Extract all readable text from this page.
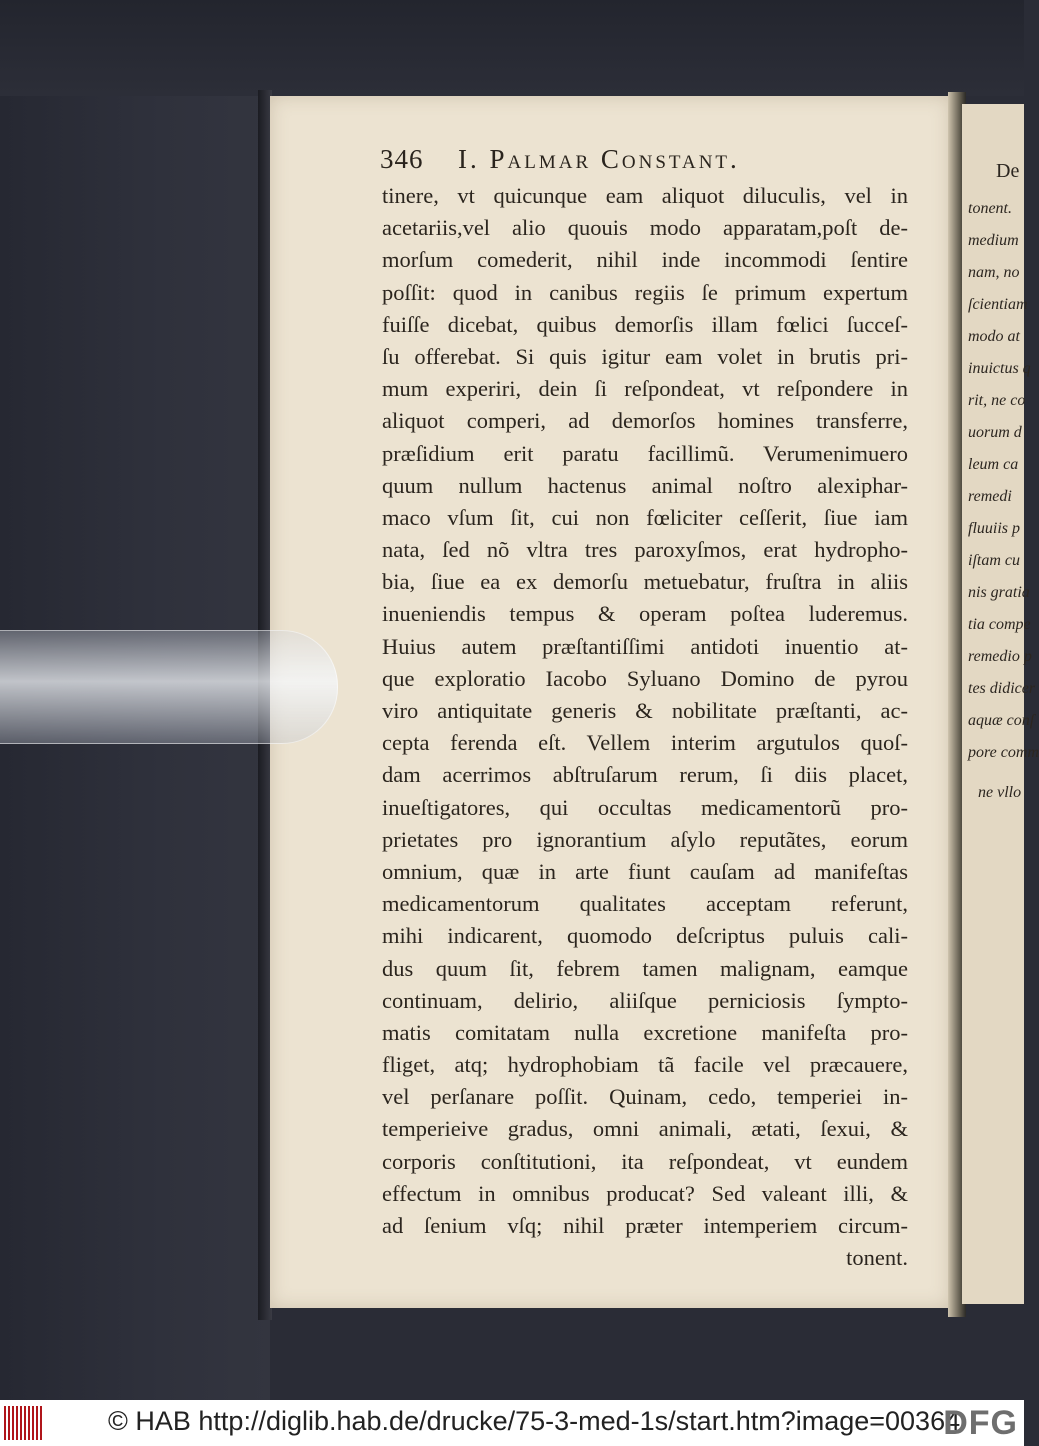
346 I. Palmar Constant.
tinere, vt quicunque eam aliquot diluculis, vel in
acetariis,vel alio quouis modo apparatam,poſt de-
morſum comederit, nihil inde incommodi ſentire
poſſit: quod in canibus regiis ſe primum expertum
fuiſſe dicebat, quibus demorſis illam fœlici ſucceſ-
ſu offerebat. Si quis igitur eam volet in brutis pri-
mum experiri, dein ſi reſpondeat, vt reſpondere in
aliquot comperi, ad demorſos homines transferre,
præſidium erit paratu facillimũ. Verumenimuero
quum nullum hactenus animal noſtro alexiphar-
maco vſum ſit, cui non fœliciter ceſſerit, ſiue iam
nata, ſed nõ vltra tres paroxyſmos, erat hydropho-
bia, ſiue ea ex demorſu metuebatur, fruſtra in aliis
inueniendis tempus & operam poſtea luderemus.
Huius autem præſtantiſſimi antidoti inuentio at-
que exploratio Iacobo Syluano Domino de pyrou
viro antiquitate generis & nobilitate præſtanti, ac-
cepta ferenda eſt. Vellem interim argutulos quoſ-
dam acerrimos abſtruſarum rerum, ſi diis placet,
inueſtigatores, qui occultas medicamentorũ pro-
prietates pro ignorantium aſylo reputãtes, eorum
omnium, quæ in arte fiunt cauſam ad manifeſtas
medicamentorum qualitates acceptam referunt,
mihi indicarent, quomodo deſcriptus puluis cali-
dus quum ſit, febrem tamen malignam, eamque
continuam, delirio, aliiſque perniciosis ſympto-
matis comitatam nulla excretione manifeſta pro-
fliget, atq; hydrophobiam tã facile vel præcauere,
vel perſanare poſſit. Quinam, cedo, temperiei in-
temperieive gradus, omni animali, ætati, ſexui, &
corporis conſtitutioni, ita reſpondeat, vt eundem
effectum in omnibus producat? Sed valeant illi, &
ad ſenium vſq; nihil præter intemperiem circum-
tonent.
De
tonent.
medium
nam, no
ſcientiam
modo at
inuictus q
rit, ne co
uorum d
leum ca
remedi
fluuiis p
iſtam cu
nis gratia
tia compe
remedio p
tes didicer
aquæ conſ
pore comm
ne vllo
© HAB http://diglib.hab.de/drucke/75-3-med-1s/start.htm?image=00364
DFG
